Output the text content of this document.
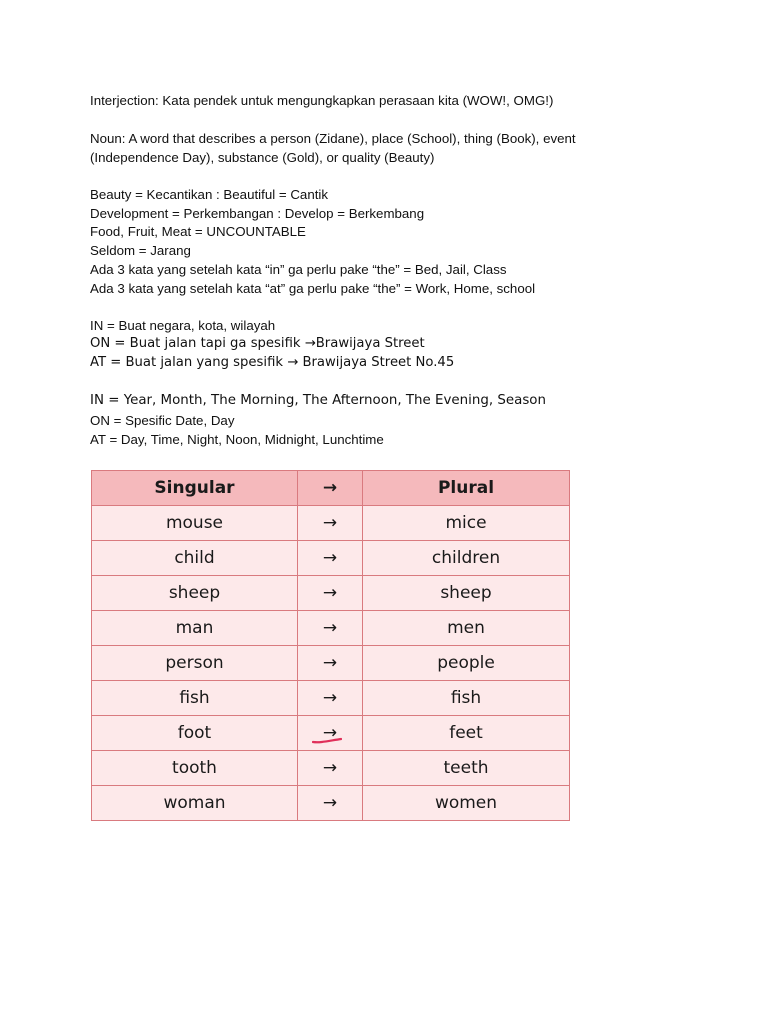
Interjection: Kata pendek untuk mengungkapkan perasaan kita (WOW!, OMG!)
Noun: A word that describes a person (Zidane), place (School), thing (Book), event
(Independence Day), substance (Gold), or quality (Beauty)
Beauty = Kecantikan : Beautiful = Cantik
Development = Perkembangan : Develop = Berkembang
Food, Fruit, Meat = UNCOUNTABLE
Seldom = Jarang
Ada 3 kata yang setelah kata “in” ga perlu pake “the” = Bed, Jail, Class
Ada 3 kata yang setelah kata “at” ga perlu pake “the” = Work, Home, school
IN = Buat negara, kota, wilayah
ON = Buat jalan tapi ga spesifik →Brawijaya Street
AT = Buat jalan yang spesifik → Brawijaya Street No.45
IN = Year, Month, The Morning, The Afternoon, The Evening, Season
ON = Spesific Date, Day
AT = Day, Time, Night, Noon, Midnight, Lunchtime
Singular	→	Plural
mouse	→	mice
child	→	children
sheep	→	sheep
man	→	men
person	→	people
fish	→	fish
foot	→	feet
tooth	→	teeth
woman	→	women
